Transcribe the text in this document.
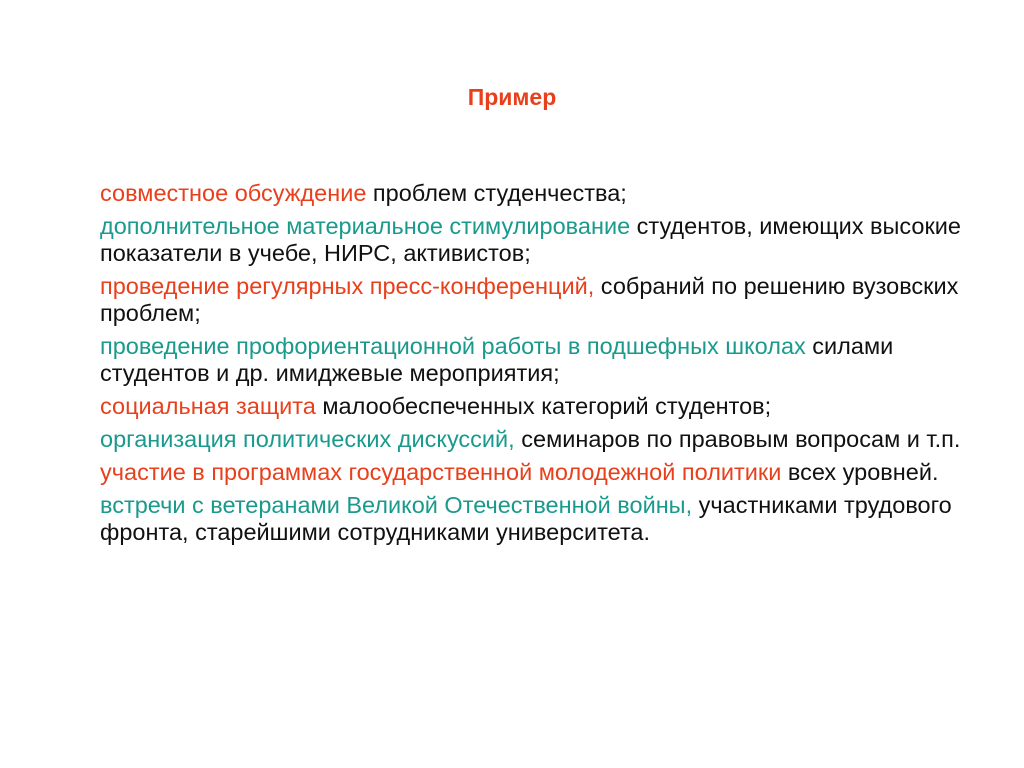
Пример
совместное обсуждение проблем студенчества;
дополнительное материальное стимулирование студентов, имеющих высокие показатели в учебе, НИРС, активистов;
проведение регулярных пресс-конференций, собраний по решению вузовских проблем;
проведение профориентационной работы в подшефных школах силами студентов и др. имиджевые мероприятия;
социальная защита малообеспеченных категорий студентов;
организация политических дискуссий, семинаров по правовым вопросам и т.п.
участие в программах государственной молодежной политики всех уровней.
встречи с ветеранами Великой Отечественной войны, участниками трудового фронта, старейшими сотрудниками университета.
